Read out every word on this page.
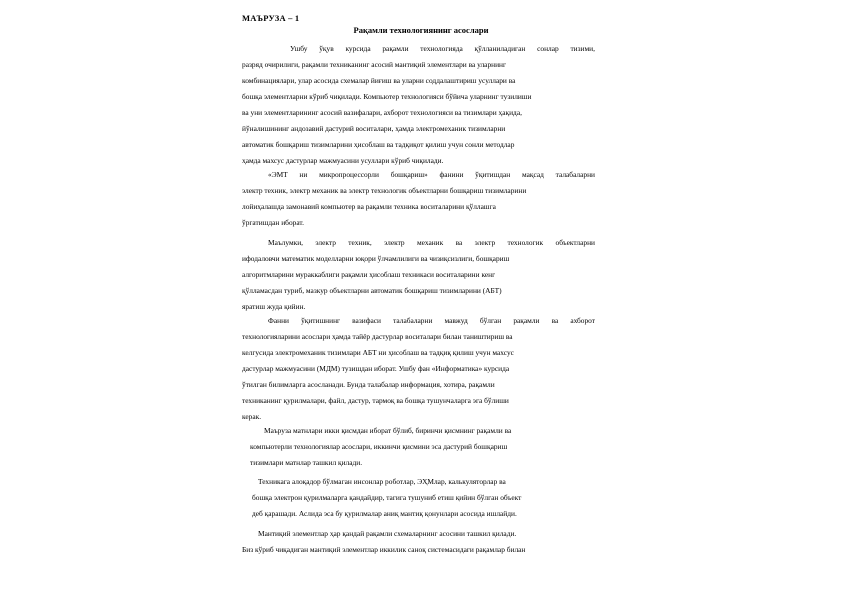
МАЪРУЗА – 1
Рақамли технологиянинг асослари
Ушбу ўқув курсида рақамли технологияда қўлланиладиган сонлар тизими,
разряд очирилиги, рақамли техниканинг асосий мантиқий элементлари ва уларнинг
комбинациялари, улар асосида схемалар йиғиш ва уларни соддалаштириш усуллари ва
бошқа элементларни кўриб чиқилади. Компьютер технологияси бўйича уларнинг тузилиши
ва уни элементларининг асосий вазифалари, ахборот технологияси ва тизимлари ҳақида,
йўналишининг андозавий дастурий воситалари, ҳамда электромеханик тизимларни
автоматик бошқариш тизимларини ҳисоблаш ва тадқиқот қилиш учун сонли методлар
ҳамда махсус дастурлар мажмуасини усуллари кўриб чиқилади.
«ЭМТ ни микропроцессорли бошқариш» фанини ўқитишдан мақсад талабаларни
электр техник, электр механик ва электр технологик объектларни бошқариш тизимларини
лойиҳалашда замонавий компьютер ва рақамли техника воситаларини қўллашга
ўргатишдан иборат.
Маълумки, электр техник, электр механик ва электр технологик объектларни
ифодаловчи математик моделларни юқори ўлчамлилиги ва чизиқсизлиги, бошқариш
алгоритмларини мураккаблиги рақамли ҳисоблаш техникаси воситаларини кенг
қўлламасдан туриб, мазкур объектларни автоматик бошқариш тизимларини (АБТ)
яратиш жуда қийин.
Фанни ўқитишнинг вазифаси талабаларни мавжуд бўлган рақамли ва ахборот
технологияларини асослари ҳамда тайёр дастурлар воситалари билан таништириш ва
келгусида электромеханик тизимлари АБТ ни ҳисоблаш ва тадқиқ қилиш учун махсус
дастурлар мажмуасини (МДМ) тузишдан иборат. Ушбу фан «Информатика» курсида
ўтилган билимларга асосланади. Бунда талабалар информация, хотира, рақамли
техниканинг қурилмалари, файл, дастур, тармоқ ва бошқа тушунчаларга эга бўлиши
керак.
Маъруза матнлари икки қисмдан иборат бўлиб, биринчи қисмнинг рақамли ва
компьютерли технологиялар асослари, иккинчи қисмини эса дастурий бошқариш
тизимлари матнлар ташкил қилади.
Техникага алоқадор бўлмаган инсонлар роботлар, ЭҲМлар, калькуляторлар ва
бошқа электрон қурилмаларга қандайдир, тагига тушуниб етиш қийин бўлган объект
деб қарашади. Аслида эса бу қурилмалар аниқ мантиқ қонунлари асосида ишлайди.
Мантиқий элементлар ҳар қандай рақамли схемаларнинг асосини ташкил қилади.
Биз кўриб чиқадиган мантиқий элементлар иккилик саноқ системасидаги рақамлар билан
